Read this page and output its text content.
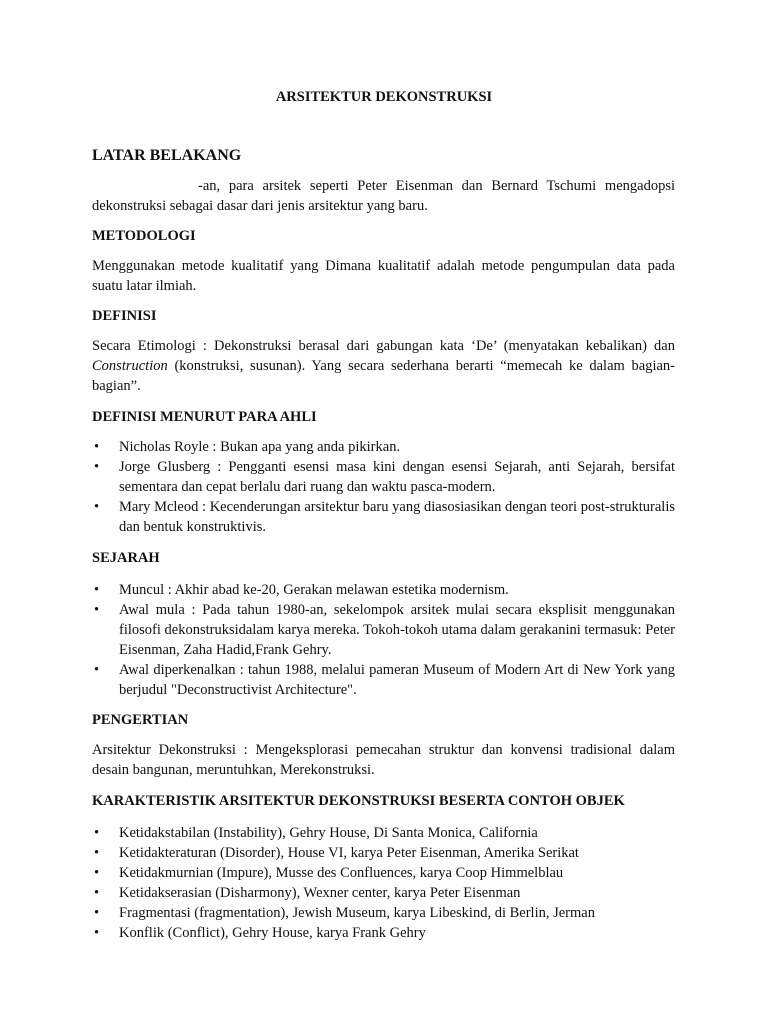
ARSITEKTUR DEKONSTRUKSI
LATAR BELAKANG

-an, para arsitek seperti Peter Eisenman dan Bernard Tschumi mengadopsi dekonstruksi sebagai dasar dari jenis arsitektur yang baru.

METODOLOGI

Menggunakan metode kualitatif yang Dimana kualitatif adalah metode pengumpulan data pada suatu latar ilmiah.

DEFINISI

Secara Etimologi : Dekonstruksi berasal dari gabungan kata ‘De’ (menyatakan kebalikan) dan Construction (konstruksi, susunan). Yang secara sederhana berarti “memecah ke dalam bagian-bagian”.

DEFINISI MENURUT PARA AHLI
• Nicholas Royle : Bukan apa yang anda pikirkan.
• Jorge Glusberg : Pengganti esensi masa kini dengan esensi Sejarah, anti Sejarah, bersifat sementara dan cepat berlalu dari ruang dan waktu pasca-modern.
• Mary Mcleod : Kecenderungan arsitektur baru yang diasosiasikan dengan teori post-strukturalis dan bentuk konstruktivis.
SEJARAH
• Muncul : Akhir abad ke-20, Gerakan melawan estetika modernism.
• Awal mula : Pada tahun 1980-an, sekelompok arsitek mulai secara eksplisit menggunakan filosofi dekonstruksidalam karya mereka. Tokoh-tokoh utama dalam gerakanini termasuk: Peter Eisenman, Zaha Hadid,Frank Gehry.
• Awal diperkenalkan : tahun 1988, melalui pameran Museum of Modern Art di New York yang berjudul "Deconstructivist Architecture".
PENGERTIAN

Arsitektur Dekonstruksi : Mengeksplorasi pemecahan struktur dan konvensi tradisional dalam desain bangunan, meruntuhkan, Merekonstruksi.

KARAKTERISTIK ARSITEKTUR DEKONSTRUKSI BESERTA CONTOH OBJEK
• Ketidakstabilan (Instability), Gehry House, Di Santa Monica, California
• Ketidakteraturan (Disorder), House VI, karya Peter Eisenman, Amerika Serikat
• Ketidakmurnian (Impure), Musse des Confluences, karya Coop Himmelblau
• Ketidakserasian (Disharmony), Wexner center, karya Peter Eisenman
• Fragmentasi (fragmentation), Jewish Museum, karya Libeskind, di Berlin, Jerman
• Konflik (Conflict), Gehry House, karya Frank Gehry
